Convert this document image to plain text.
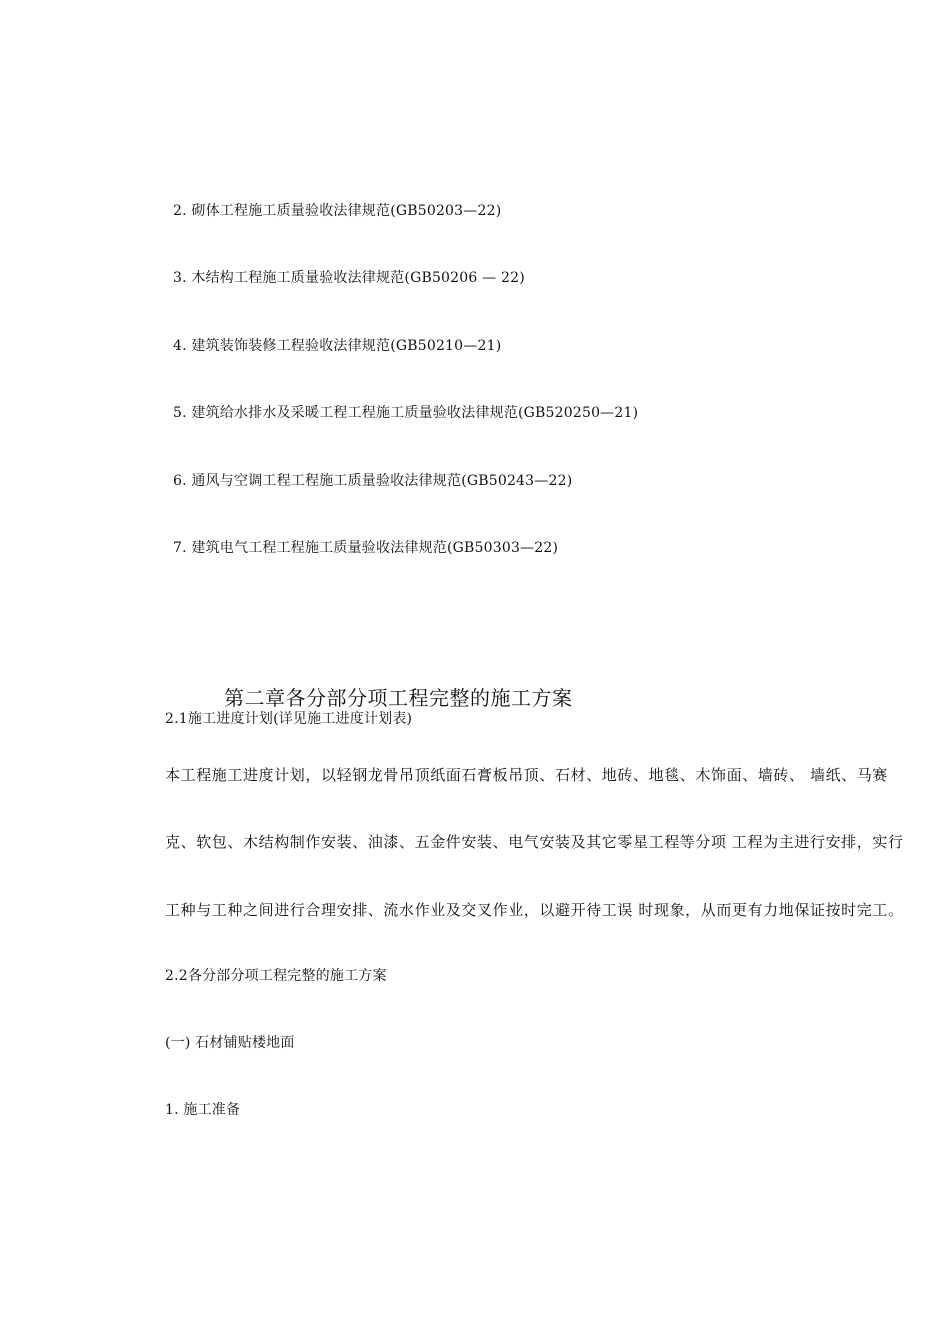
2. 砌体工程施工质量验收法律规范(GB50203—22)
3. 木结构工程施工质量验收法律规范(GB50206 — 22)
4. 建筑装饰装修工程验收法律规范(GB50210—21)
5. 建筑给水排水及采暖工程工程施工质量验收法律规范(GB520250—21)
6. 通风与空调工程工程施工质量验收法律规范(GB50243—22)
7. 建筑电气工程工程施工质量验收法律规范(GB50303—22)
第二章各分部分项工程完整的施工方案
2.1施工进度计划(详见施工进度计划表)
本工程施工进度计划，以轻钢龙骨吊顶纸面石膏板吊顶、石材、地砖、地毯、木饰面、墙砖、 墙纸、马赛
克、软包、木结构制作安装、油漆、五金件安装、电气安装及其它零星工程等分项 工程为主进行安排，实行
工种与工种之间进行合理安排、流水作业及交叉作业，以避开待工误 时现象，从而更有力地保证按时完工。
2.2各分部分项工程完整的施工方案
(一) 石材铺贴楼地面
1. 施工准备
